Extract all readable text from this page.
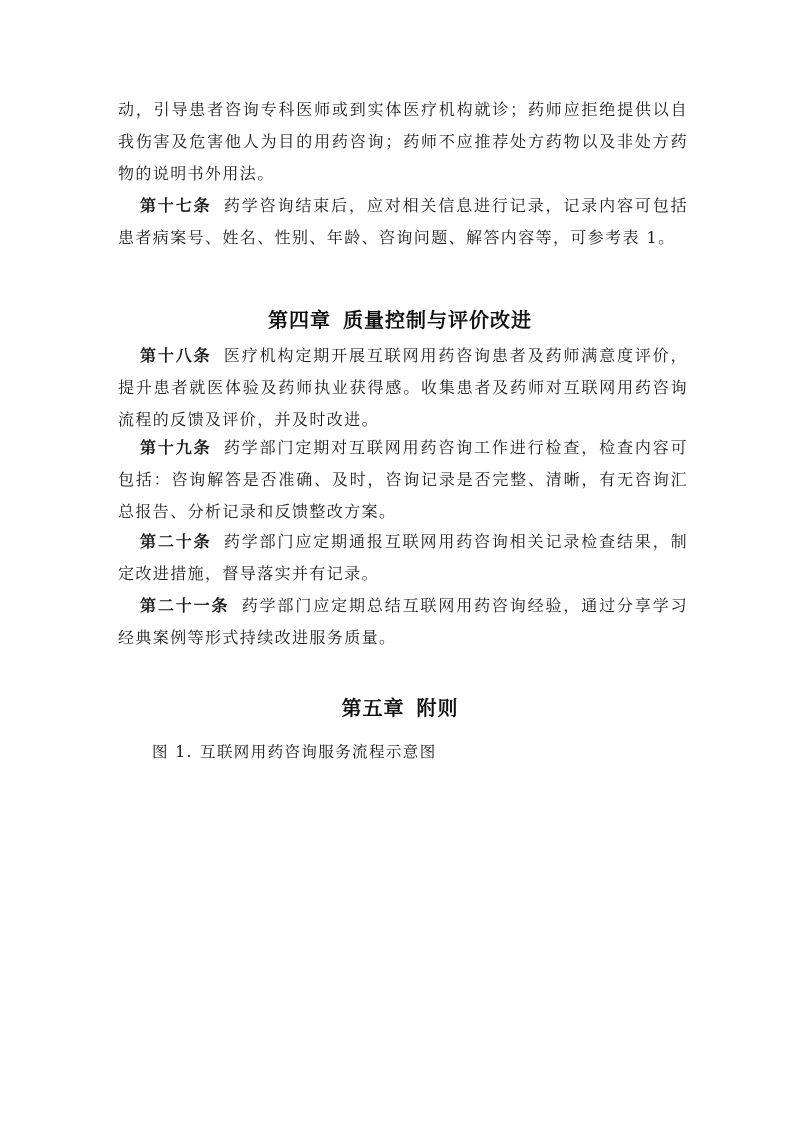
动，引导患者咨询专科医师或到实体医疗机构就诊；药师应拒绝提供以自我伤害及危害他人为目的用药咨询；药师不应推荐处方药物以及非处方药物的说明书外用法。

第十七条 药学咨询结束后，应对相关信息进行记录，记录内容可包括患者病案号、姓名、性别、年龄、咨询问题、解答内容等，可参考表 1。

第四章 质量控制与评价改进

第十八条 医疗机构定期开展互联网用药咨询患者及药师满意度评价，提升患者就医体验及药师执业获得感。收集患者及药师对互联网用药咨询流程的反馈及评价，并及时改进。

第十九条 药学部门定期对互联网用药咨询工作进行检查，检查内容可包括：咨询解答是否准确、及时，咨询记录是否完整、清晰，有无咨询汇总报告、分析记录和反馈整改方案。

第二十条 药学部门应定期通报互联网用药咨询相关记录检查结果，制定改进措施，督导落实并有记录。

第二十一条 药学部门应定期总结互联网用药咨询经验，通过分享学习经典案例等形式持续改进服务质量。

第五章 附则
图 1. 互联网用药咨询服务流程示意图
